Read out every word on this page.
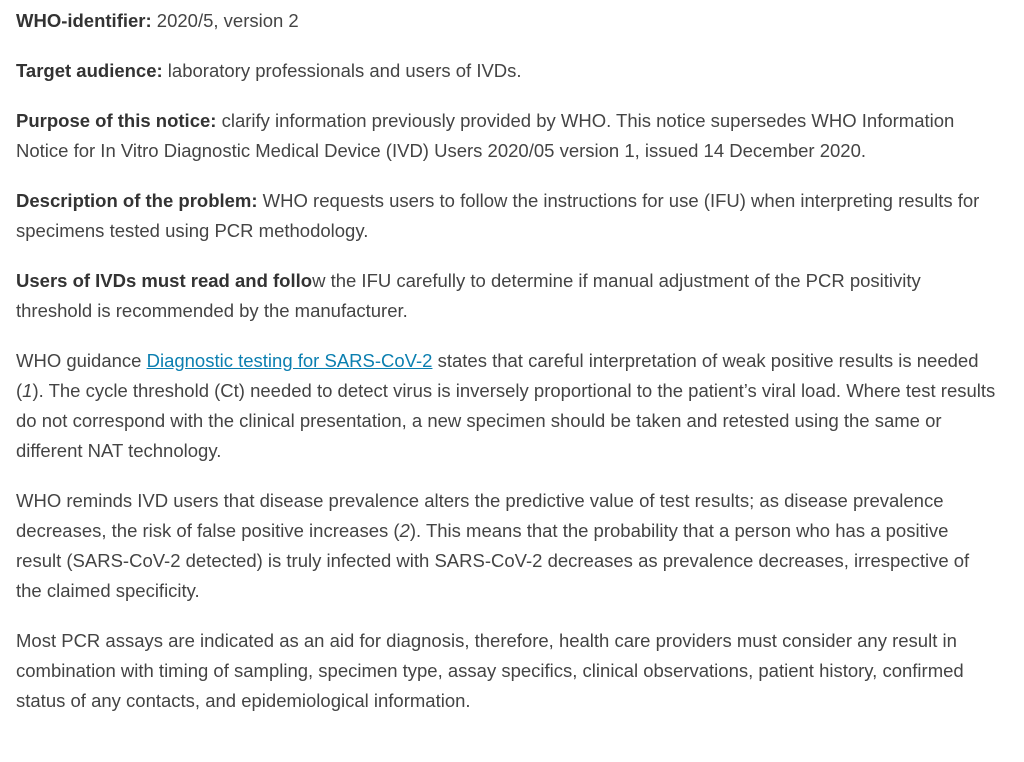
WHO-identifier: 2020/5, version 2

Target audience: laboratory professionals and users of IVDs.

Purpose of this notice: clarify information previously provided by WHO. This notice supersedes WHO Information Notice for In Vitro Diagnostic Medical Device (IVD) Users 2020/05 version 1, issued 14 December 2020.

Description of the problem: WHO requests users to follow the instructions for use (IFU) when interpreting results for specimens tested using PCR methodology.

Users of IVDs must read and follow the IFU carefully to determine if manual adjustment of the PCR positivity threshold is recommended by the manufacturer.

WHO guidance Diagnostic testing for SARS-CoV-2 states that careful interpretation of weak positive results is needed (1). The cycle threshold (Ct) needed to detect virus is inversely proportional to the patient’s viral load. Where test results do not correspond with the clinical presentation, a new specimen should be taken and retested using the same or different NAT technology.

WHO reminds IVD users that disease prevalence alters the predictive value of test results; as disease prevalence decreases, the risk of false positive increases (2). This means that the probability that a person who has a positive result (SARS-CoV-2 detected) is truly infected with SARS-CoV-2 decreases as prevalence decreases, irrespective of the claimed specificity.

Most PCR assays are indicated as an aid for diagnosis, therefore, health care providers must consider any result in combination with timing of sampling, specimen type, assay specifics, clinical observations, patient history, confirmed status of any contacts, and epidemiological information.
